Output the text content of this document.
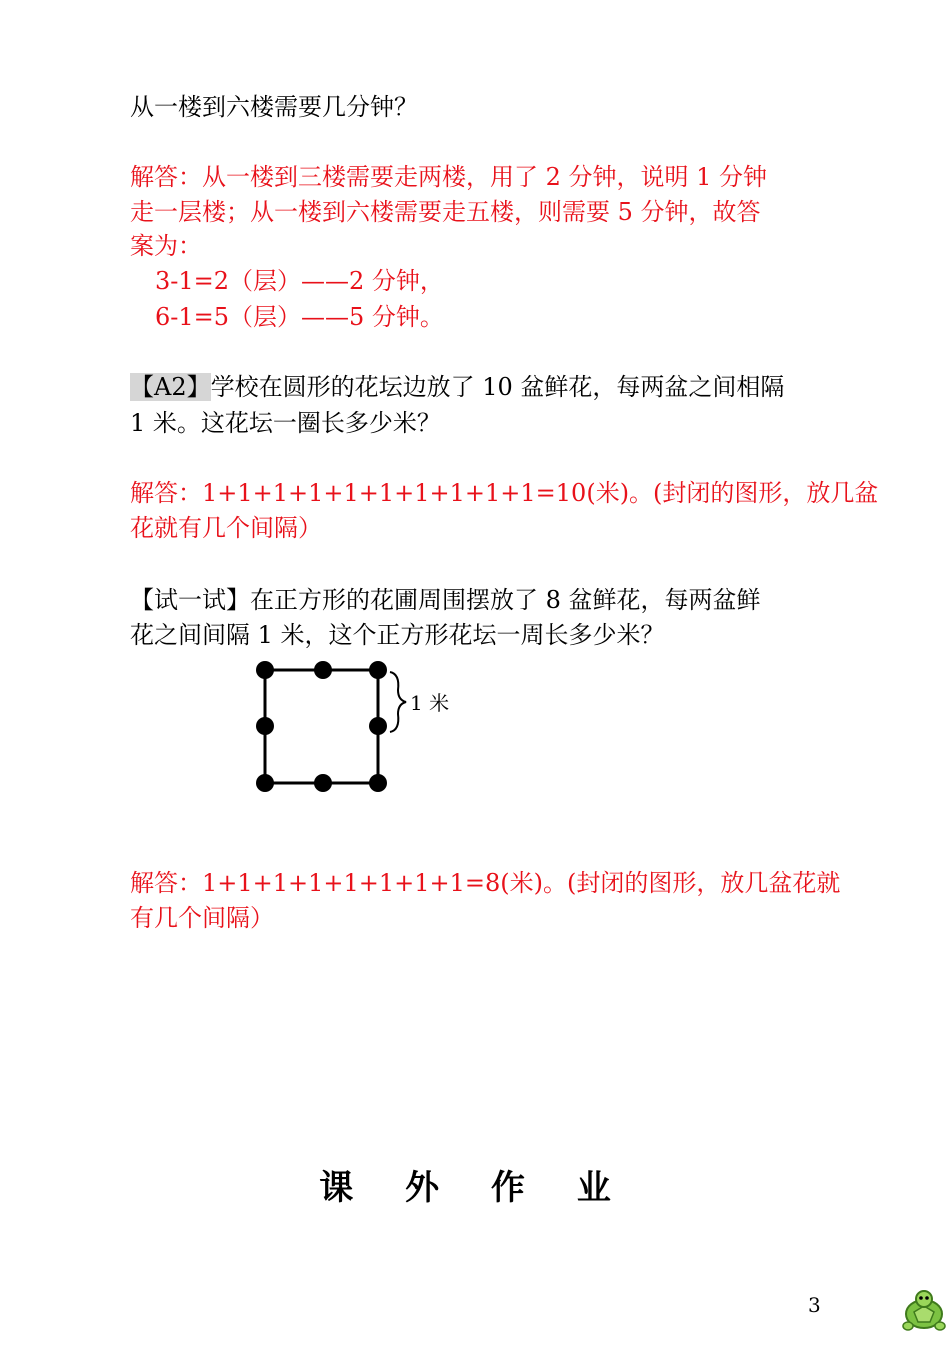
从一楼到六楼需要几分钟？
解答：从一楼到三楼需要走两楼，用了 2 分钟，说明 1 分钟
走一层楼；从一楼到六楼需要走五楼，则需要 5 分钟，故答
案为：
3-1=2（层）——2 分钟，
6-1=5（层）——5 分钟。
【A2】学校在圆形的花坛边放了 10 盆鲜花，每两盆之间相隔
1 米。这花坛一圈长多少米？
解答：1+1+1+1+1+1+1+1+1+1=10(米)。(封闭的图形，放几盆
花就有几个间隔）
【试一试】在正方形的花圃周围摆放了 8 盆鲜花，每两盆鲜
花之间间隔 1 米，这个正方形花坛一周长多少米？
1 米
解答：1+1+1+1+1+1+1+1=8(米)。(封闭的图形，放几盆花就
有几个间隔）
课 外 作 业
3
